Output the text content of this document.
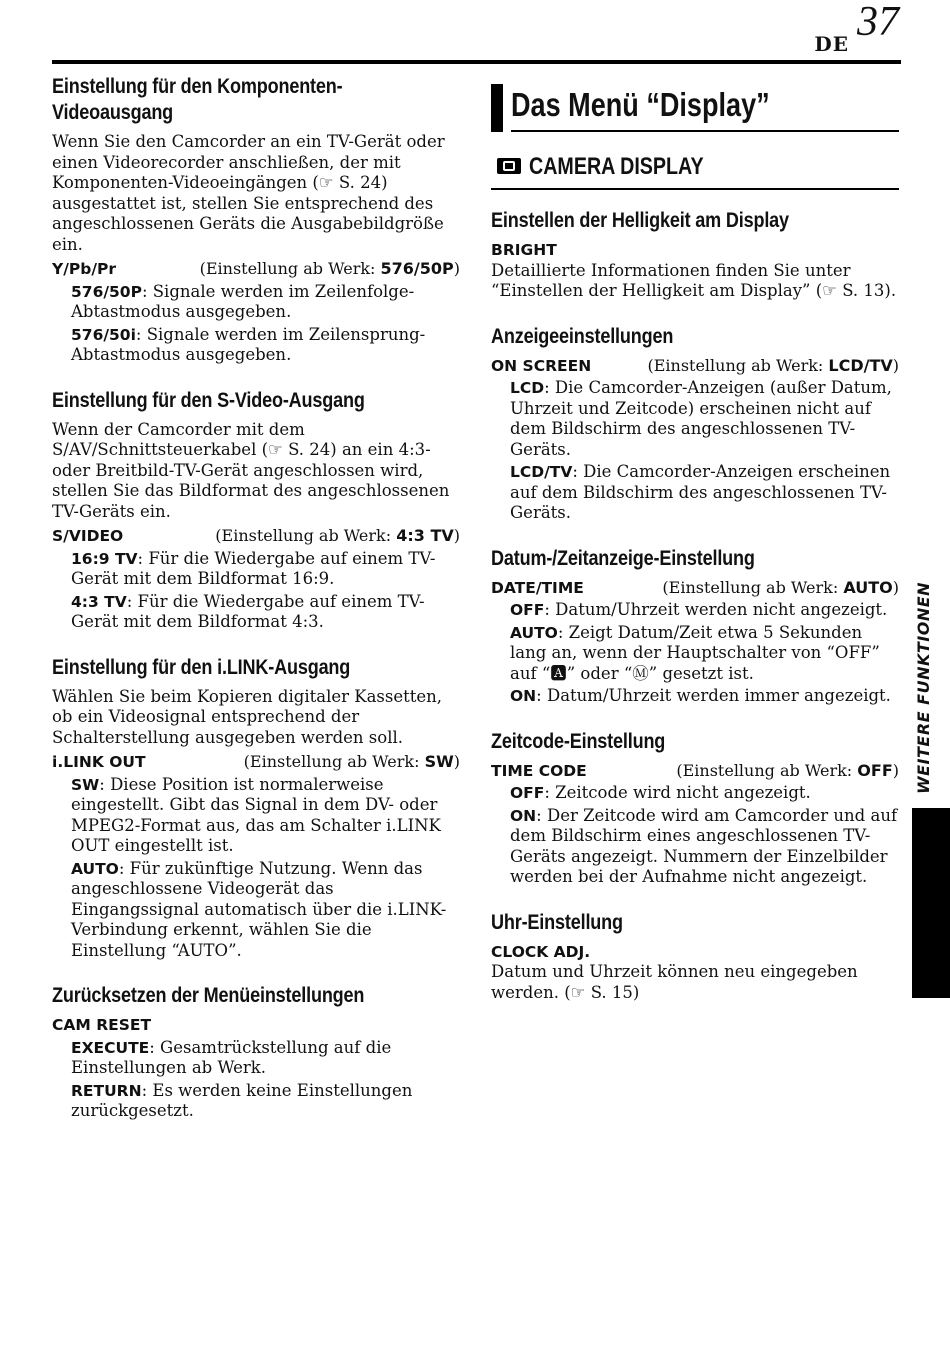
DE 37
Einstellung für den Komponenten-
Videoausgang

Wenn Sie den Camcorder an ein TV-Gerät oder einen Videorecorder anschließen, der mit Komponenten-Videoeingängen (☞ S. 24) ausgestattet ist, stellen Sie entsprechend des angeschlossenen Geräts die Ausgabebildgröße ein.

Y/Pb/Pr	(Einstellung ab Werk: 576/50P)
576/50P: Signale werden im Zeilenfolge-Abtastmodus ausgegeben.
576/50i: Signale werden im Zeilensprung-Abtastmodus ausgegeben.
Einstellung für den S-Video-Ausgang

Wenn der Camcorder mit dem S/AV/Schnittsteuerkabel (☞ S. 24) an ein 4:3- oder Breitbild-TV-Gerät angeschlossen wird, stellen Sie das Bildformat des angeschlossenen TV-Geräts ein.

S/VIDEO	(Einstellung ab Werk: 4:3 TV)
16:9 TV: Für die Wiedergabe auf einem TV-Gerät mit dem Bildformat 16:9.
4:3 TV: Für die Wiedergabe auf einem TV-Gerät mit dem Bildformat 4:3.
Einstellung für den i.LINK-Ausgang

Wählen Sie beim Kopieren digitaler Kassetten, ob ein Videosignal entsprechend der Schalterstellung ausgegeben werden soll.

i.LINK OUT	(Einstellung ab Werk: SW)
SW: Diese Position ist normalerweise eingestellt. Gibt das Signal in dem DV- oder MPEG2-Format aus, das am Schalter i.LINK OUT eingestellt ist.
AUTO: Für zukünftige Nutzung. Wenn das angeschlossene Videogerät das Eingangssignal automatisch über die i.LINK-Verbindung erkennt, wählen Sie die Einstellung “AUTO”.
Zurücksetzen der Menüeinstellungen
CAM RESET
EXECUTE: Gesamtrückstellung auf die Einstellungen ab Werk.
RETURN: Es werden keine Einstellungen zurückgesetzt.
Das Menü “Display”
CAMERA DISPLAY
Einstellen der Helligkeit am Display
BRIGHT

Detaillierte Informationen finden Sie unter “Einstellen der Helligkeit am Display” (☞ S. 13).

Anzeigeeinstellungen
ON SCREEN	(Einstellung ab Werk: LCD/TV)
LCD: Die Camcorder-Anzeigen (außer Datum, Uhrzeit und Zeitcode) erscheinen nicht auf dem Bildschirm des angeschlossenen TV-Geräts.
LCD/TV: Die Camcorder-Anzeigen erscheinen auf dem Bildschirm des angeschlossenen TV-Geräts.
Datum-/Zeitanzeige-Einstellung
DATE/TIME	(Einstellung ab Werk: AUTO)
OFF: Datum/Uhrzeit werden nicht angezeigt.
AUTO: Zeigt Datum/Zeit etwa 5 Sekunden lang an, wenn der Hauptschalter von “OFF” auf “🅰” oder “Ⓜ” gesetzt ist.
ON: Datum/Uhrzeit werden immer angezeigt.
Zeitcode-Einstellung
TIME CODE	(Einstellung ab Werk: OFF)
OFF: Zeitcode wird nicht angezeigt.
ON: Der Zeitcode wird am Camcorder und auf dem Bildschirm eines angeschlossenen TV-Geräts angezeigt. Nummern der Einzelbilder werden bei der Aufnahme nicht angezeigt.
Uhr-Einstellung
CLOCK ADJ.

Datum und Uhrzeit können neu eingegeben werden. (☞ S. 15)

WEITERE FUNKTIONEN
